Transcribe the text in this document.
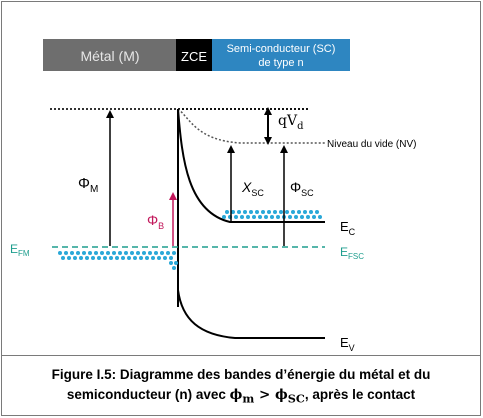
Métal (M)	ZCE Semi-conducteur (SC)
de type n
$qV_d$
Niveau du vide (NV)
$\Phi_M$
$\Phi_B$
$X_{SC}$ $\Phi_{SC}$
$E_C$
$E_V$
$E_{FM}$	$E_{FSC}$
Figure I.5: Diagramme des bandes d’énergie du métal et du
semiconducteur (n) avec $\phi_m > \phi_{SC}$, après le contact
